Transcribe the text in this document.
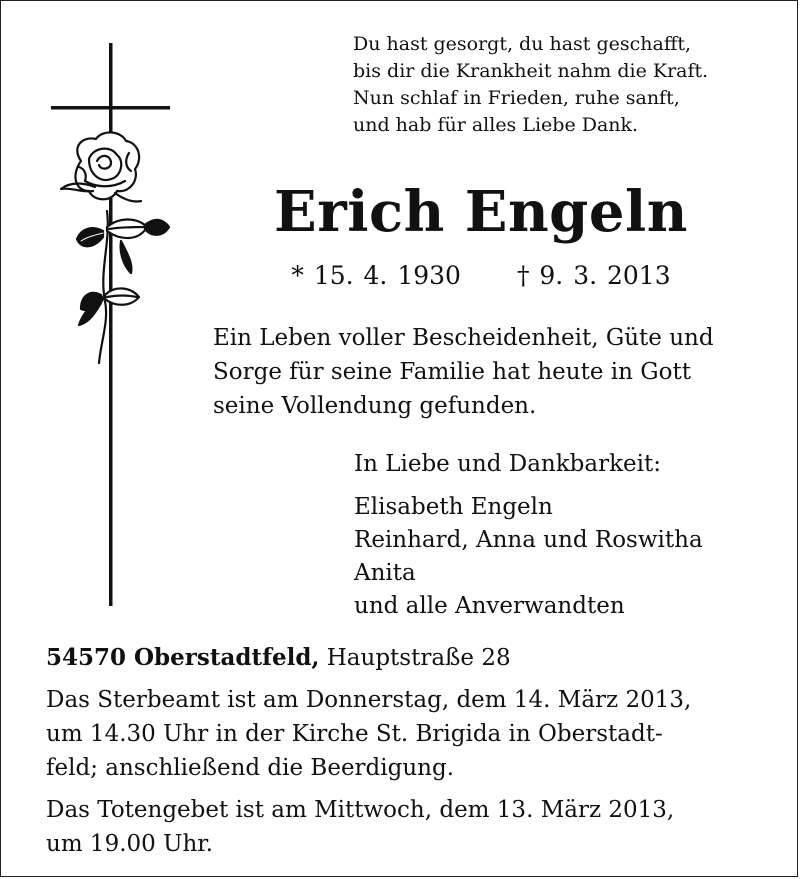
Du hast gesorgt, du hast geschafft,
bis dir die Krankheit nahm die Kraft.
Nun schlaf in Frieden, ruhe sanft,
und hab für alles Liebe Dank.
Erich Engeln
* 15. 4. 1930 † 9. 3. 2013
Ein Leben voller Bescheidenheit, Güte und
Sorge für seine Familie hat heute in Gott
seine Vollendung gefunden.

In Liebe und Dankbarkeit:

Elisabeth Engeln
Reinhard, Anna und Roswitha
Anita
und alle Anverwandten

54570 Oberstadtfeld, Hauptstraße 28

Das Sterbeamt ist am Donnerstag, dem 14. März 2013,
um 14.30 Uhr in der Kirche St. Brigida in Oberstadt-
feld; anschließend die Beerdigung.
Das Totengebet ist am Mittwoch, dem 13. März 2013,
um 19.00 Uhr.
